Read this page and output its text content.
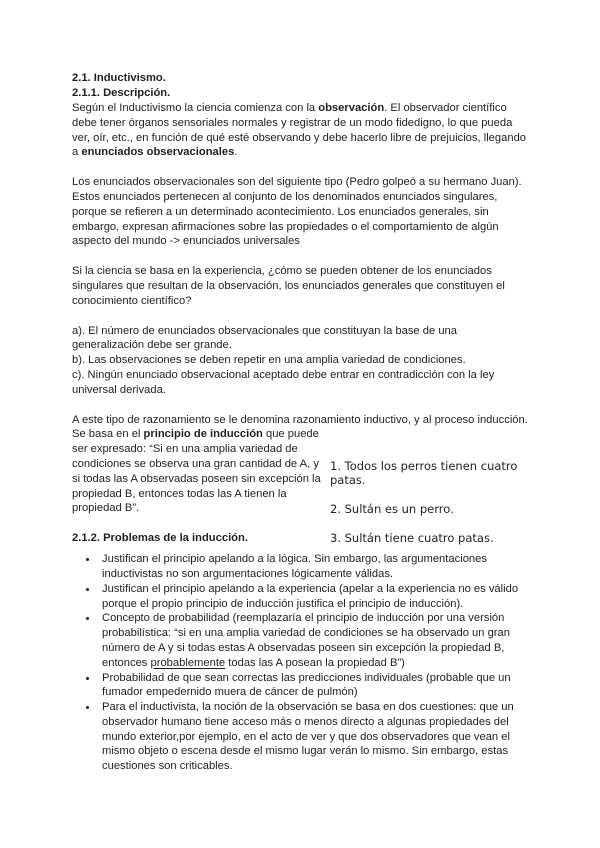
2.1. Inductivismo.
2.1.1. Descripción.

Según el Inductivismo la ciencia comienza con la observación. El observador científico debe tener órganos sensoriales normales y registrar de un modo fidedigno, lo que pueda ver, oír, etc., en función de qué esté observando y debe hacerlo libre de prejuicios, llegando a enunciados observacionales.

Los enunciados observacionales son del siguiente tipo (Pedro golpeó a su hermano Juan). Estos enunciados pertenecen al conjunto de los denominados enunciados singulares, porque se refieren a un determinado acontecimiento. Los enunciados generales, sin embargo, expresan afirmaciones sobre las propiedades o el comportamiento de algún aspecto del mundo -> enunciados universales

Si la ciencia se basa en la experiencia, ¿cómo se pueden obtener de los enunciados singulares que resultan de la observación, los enunciados generales que constituyen el conocimiento científico?

a). El número de enunciados observacionales que constituyan la base de una generalización debe ser grande.

b). Las observaciones se deben repetir en una amplia variedad de condiciones.

c). Ningún enunciado observacional aceptado debe entrar en contradicción con la ley universal derivada.

A este tipo de razonamiento se le denomina razonamiento inductivo, y al proceso inducción.

Se basa en el principio de inducción que puede ser expresado: “Si en una amplia variedad de condiciones se observa una gran cantidad de A, y si todas las A observadas poseen sin excepción la propiedad B, entonces todas las A tienen la propiedad B”.

1. Todos los perros tienen cuatro patas.
2. Sultán es un perro.
3. Sultán tiene cuatro patas.
2.1.2. Problemas de la inducción.
• Justifican el principio apelando a la lógica. Sin embargo, las argumentaciones inductivistas no son argumentaciones lógicamente válidas.
• Justifican el principio apelando a la experiencia (apelar a la experiencia no es válido porque el propio principio de inducción justifica el principio de inducción).
• Concepto de probabilidad (reemplazaría el principio de inducción por una versión probabilística: “si en una amplia variedad de condiciones se ha observado un gran número de A y si todas estas A observadas poseen sin excepción la propiedad B, entonces probablemente todas las A posean la propiedad B”)
• Probabilidad de que sean correctas las predicciones individuales (probable que un fumador empedernido muera de cáncer de pulmón)
• Para el inductivista, la noción de la observación se basa en dos cuestiones: que un observador humano tiene acceso más o menos directo a algunas propiedades del mundo exterior,por ejemplo, en el acto de ver y que dos observadores que vean el mismo objeto o escena desde el mismo lugar verán lo mismo. Sin embargo, estas cuestiones son criticables.
